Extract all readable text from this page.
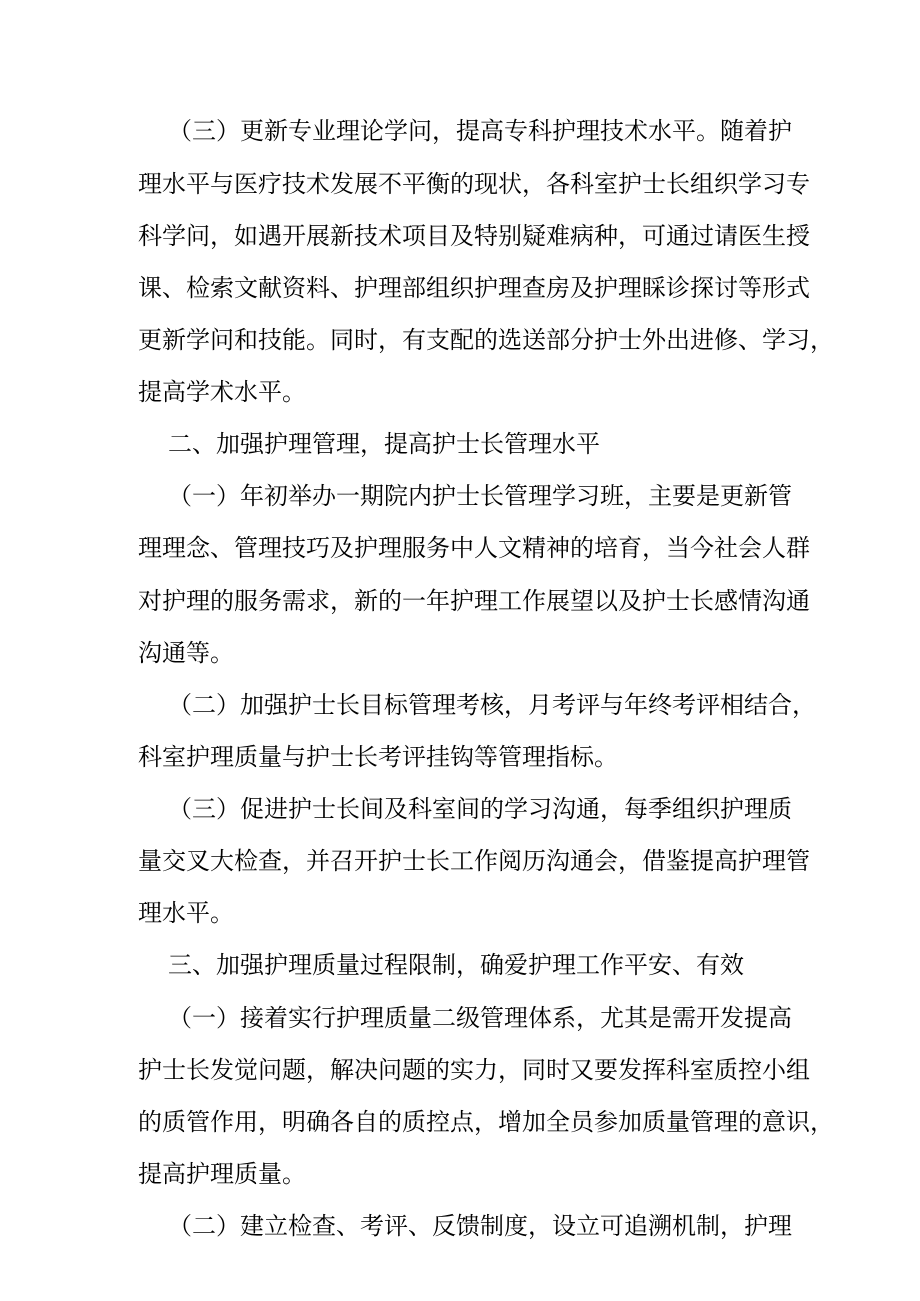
（三）更新专业理论学问，提高专科护理技术水平。随着护
理水平与医疗技术发展不平衡的现状，各科室护士长组织学习专
科学问，如遇开展新技术项目及特别疑难病种，可通过请医生授
课、检索文献资料、护理部组织护理查房及护理睬诊探讨等形式
更新学问和技能。同时，有支配的选送部分护士外出进修、学习，
提高学术水平。
二、加强护理管理，提高护士长管理水平
（一）年初举办一期院内护士长管理学习班，主要是更新管
理理念、管理技巧及护理服务中人文精神的培育，当今社会人群
对护理的服务需求，新的一年护理工作展望以及护士长感情沟通
沟通等。
（二）加强护士长目标管理考核，月考评与年终考评相结合，
科室护理质量与护士长考评挂钩等管理指标。
（三）促进护士长间及科室间的学习沟通，每季组织护理质
量交叉大检查，并召开护士长工作阅历沟通会，借鉴提高护理管
理水平。
三、加强护理质量过程限制，确爱护理工作平安、有效
（一）接着实行护理质量二级管理体系，尤其是需开发提高
护士长发觉问题，解决问题的实力，同时又要发挥科室质控小组
的质管作用，明确各自的质控点，增加全员参加质量管理的意识，
提高护理质量。
（二）建立检查、考评、反馈制度，设立可追溯机制，护理
